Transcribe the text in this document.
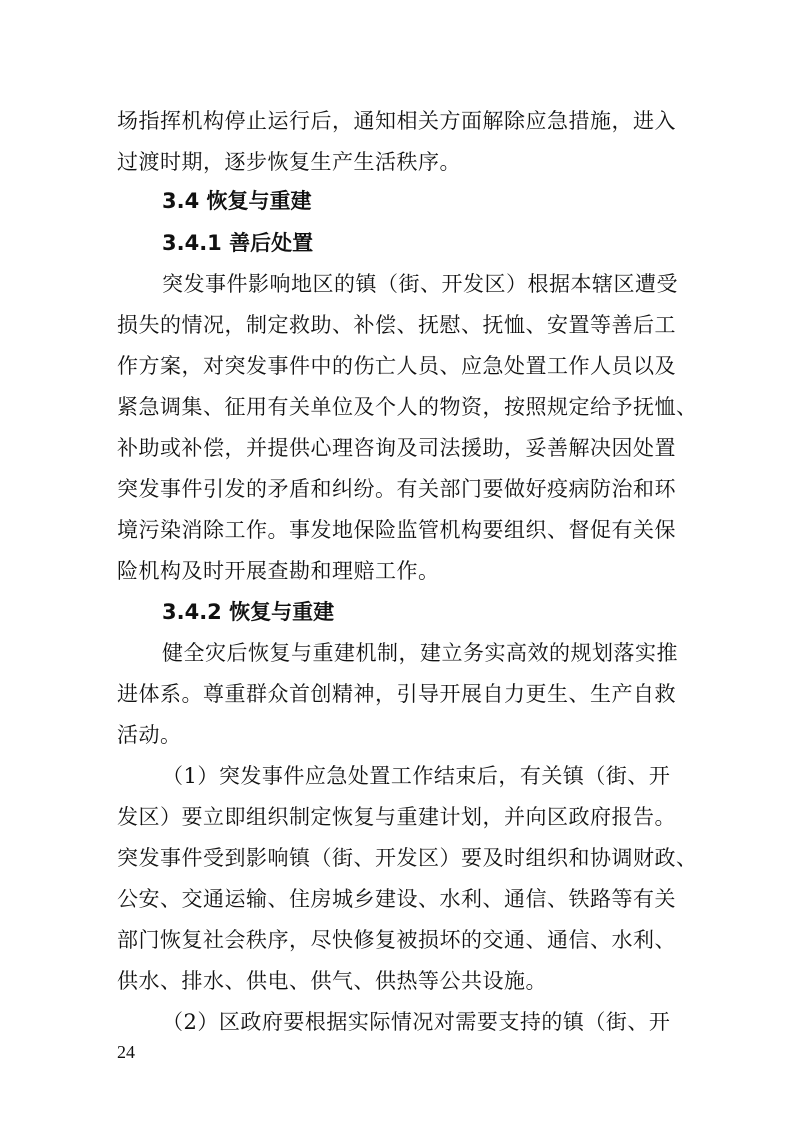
场指挥机构停止运行后，通知相关方面解除应急措施，进入
过渡时期，逐步恢复生产生活秩序。
3.4 恢复与重建
3.4.1 善后处置
突发事件影响地区的镇（街、开发区）根据本辖区遭受
损失的情况，制定救助、补偿、抚慰、抚恤、安置等善后工
作方案，对突发事件中的伤亡人员、应急处置工作人员以及
紧急调集、征用有关单位及个人的物资，按照规定给予抚恤、
补助或补偿，并提供心理咨询及司法援助，妥善解决因处置
突发事件引发的矛盾和纠纷。有关部门要做好疫病防治和环
境污染消除工作。事发地保险监管机构要组织、督促有关保
险机构及时开展查勘和理赔工作。
3.4.2 恢复与重建
健全灾后恢复与重建机制，建立务实高效的规划落实推
进体系。尊重群众首创精神，引导开展自力更生、生产自救
活动。
（1）突发事件应急处置工作结束后，有关镇（街、开
发区）要立即组织制定恢复与重建计划，并向区政府报告。
突发事件受到影响镇（街、开发区）要及时组织和协调财政、
公安、交通运输、住房城乡建设、水利、通信、铁路等有关
部门恢复社会秩序，尽快修复被损坏的交通、通信、水利、
供水、排水、供电、供气、供热等公共设施。
（2）区政府要根据实际情况对需要支持的镇（街、开
24
